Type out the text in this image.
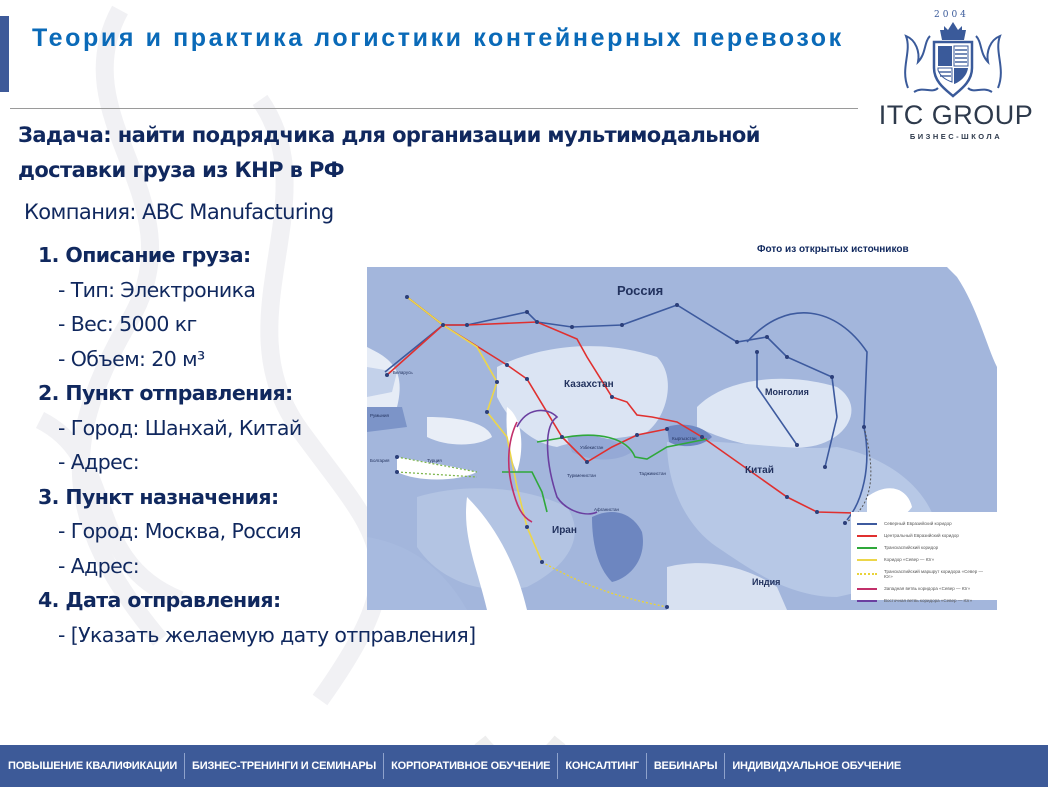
Теория и практика логистики контейнерных перевозок
2004
ITC GROUP
БИЗНЕС-ШКОЛА
Задача: найти подрядчика для организации мультимодальной доставки груза из КНР в РФ
Компания: ABC Manufacturing
1. Описание груза:
- Тип: Электроника
- Вес: 5000 кг
- Объем: 20 м³
2. Пункт отправления:
- Город: Шанхай, Китай
- Адрес:
3. Пункт назначения:
- Город: Москва, Россия
- Адрес:
4. Дата отправления:
- [Указать желаемую дату отправления]
Фото из открытых источников
Россия
Казахстан
Монголия
Китай
Иран
Индия
Турция
Румыния
Беларусь
Узбекистан
Туркменистан
Кыргызстан
Таджикистан
Афганистан
Болгария
Северный Евразийский коридор
Центральный Евразийский коридор
Транскаспийский коридор
Коридор «Север — Юг»
Транскаспийский маршрут коридора «Север — Юг»
Западная ветвь коридора «Север — Юг»
Восточная ветвь коридора «Север — Юг»
ПОВЫШЕНИЕ КВАЛИФИКАЦИИ	БИЗНЕС-ТРЕНИНГИ И СЕМИНАРЫ	КОРПОРАТИВНОЕ ОБУЧЕНИЕ	КОНСАЛТИНГ	ВЕБИНАРЫ	ИНДИВИДУАЛЬНОЕ ОБУЧЕНИЕ
